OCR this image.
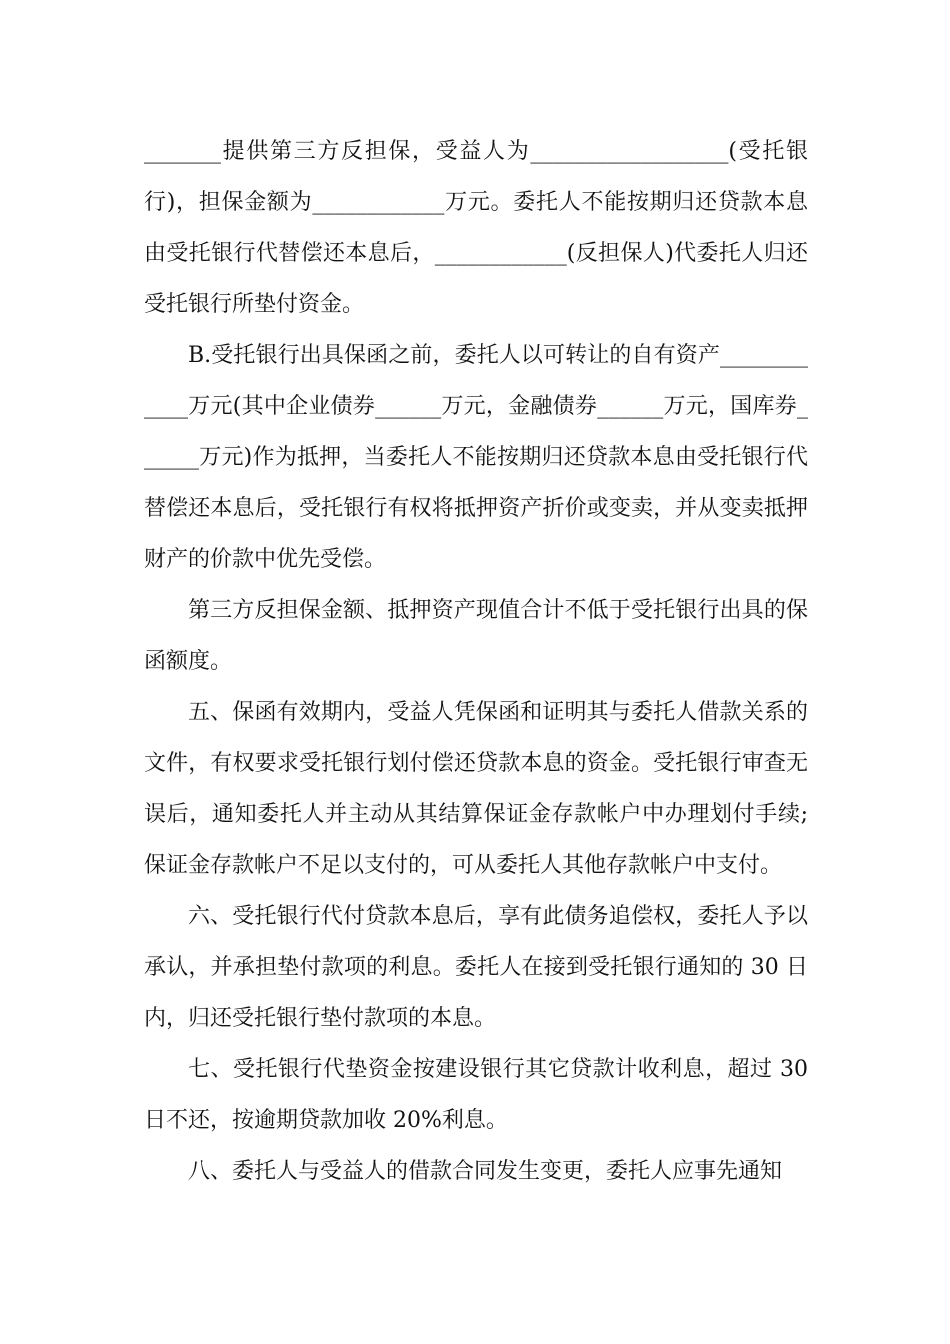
_______提供第三方反担保，受益人为__________________(受托银行)，担保金额为____________万元。委托人不能按期归还贷款本息由受托银行代替偿还本息后，____________(反担保人)代委托人归还受托银行所垫付资金。

B.受托银行出具保函之前，委托人以可转让的自有资产____________万元(其中企业债券______万元，金融债券______万元，国库券______万元)作为抵押，当委托人不能按期归还贷款本息由受托银行代替偿还本息后，受托银行有权将抵押资产折价或变卖，并从变卖抵押财产的价款中优先受偿。

第三方反担保金额、抵押资产现值合计不低于受托银行出具的保函额度。

五、保函有效期内，受益人凭保函和证明其与委托人借款关系的文件，有权要求受托银行划付偿还贷款本息的资金。受托银行审查无误后，通知委托人并主动从其结算保证金存款帐户中办理划付手续;保证金存款帐户不足以支付的，可从委托人其他存款帐户中支付。

六、受托银行代付贷款本息后，享有此债务追偿权，委托人予以承认，并承担垫付款项的利息。委托人在接到受托银行通知的 30 日内，归还受托银行垫付款项的本息。

七、受托银行代垫资金按建设银行其它贷款计收利息，超过 30 日不还，按逾期贷款加收 20%利息。

八、委托人与受益人的借款合同发生变更，委托人应事先通知
